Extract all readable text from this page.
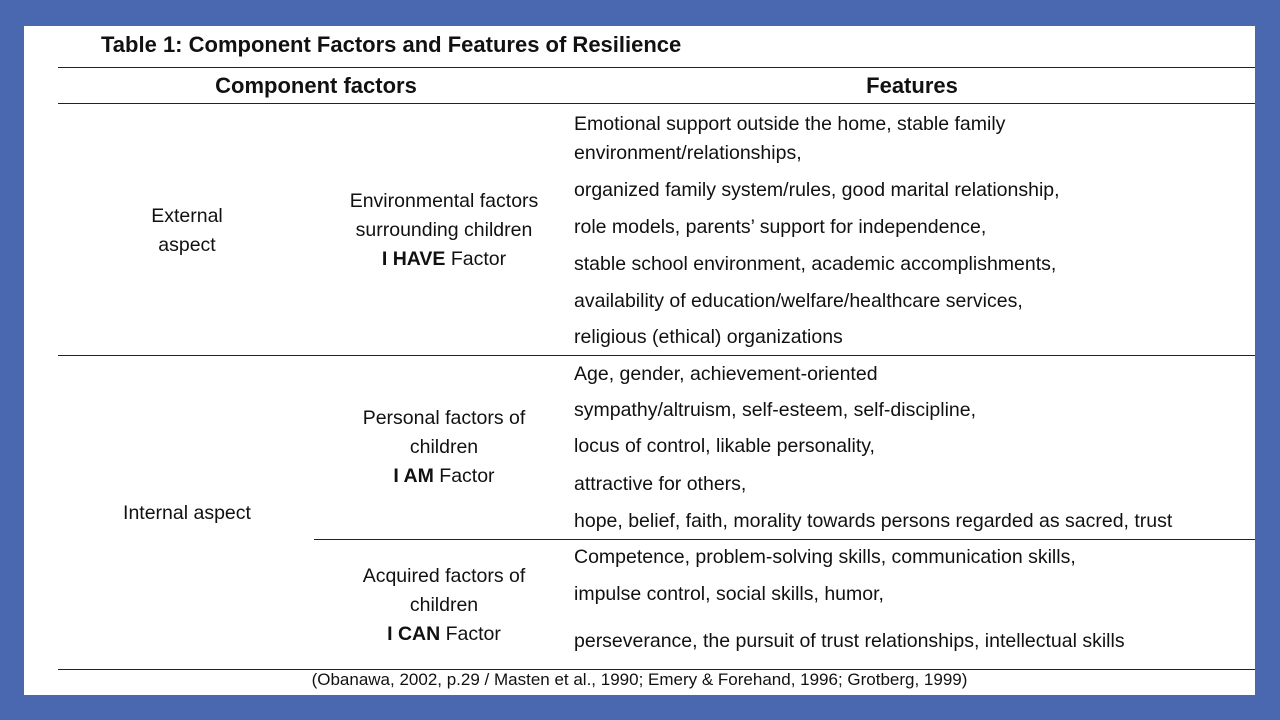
Table 1: Component Factors and Features of Resilience
Component factors	Features
External
aspect
Environmental factors
surrounding children
I HAVE Factor
Emotional support outside the home, stable family
environment/relationships,
organized family system/rules, good marital relationship,
role models, parents’ support for independence,
stable school environment, academic accomplishments,
availability of education/welfare/healthcare services,
religious (ethical) organizations
Internal aspect
Personal factors of
children
I AM Factor
Age, gender, achievement-oriented
sympathy/altruism, self-esteem, self-discipline,
locus of control, likable personality,
attractive for others,
hope, belief, faith, morality towards persons regarded as sacred, trust
Acquired factors of
children
I CAN Factor
Competence, problem-solving skills, communication skills,
impulse control, social skills, humor,
perseverance, the pursuit of trust relationships, intellectual skills
(Obanawa, 2002, p.29 / Masten et al., 1990; Emery & Forehand, 1996; Grotberg, 1999)
